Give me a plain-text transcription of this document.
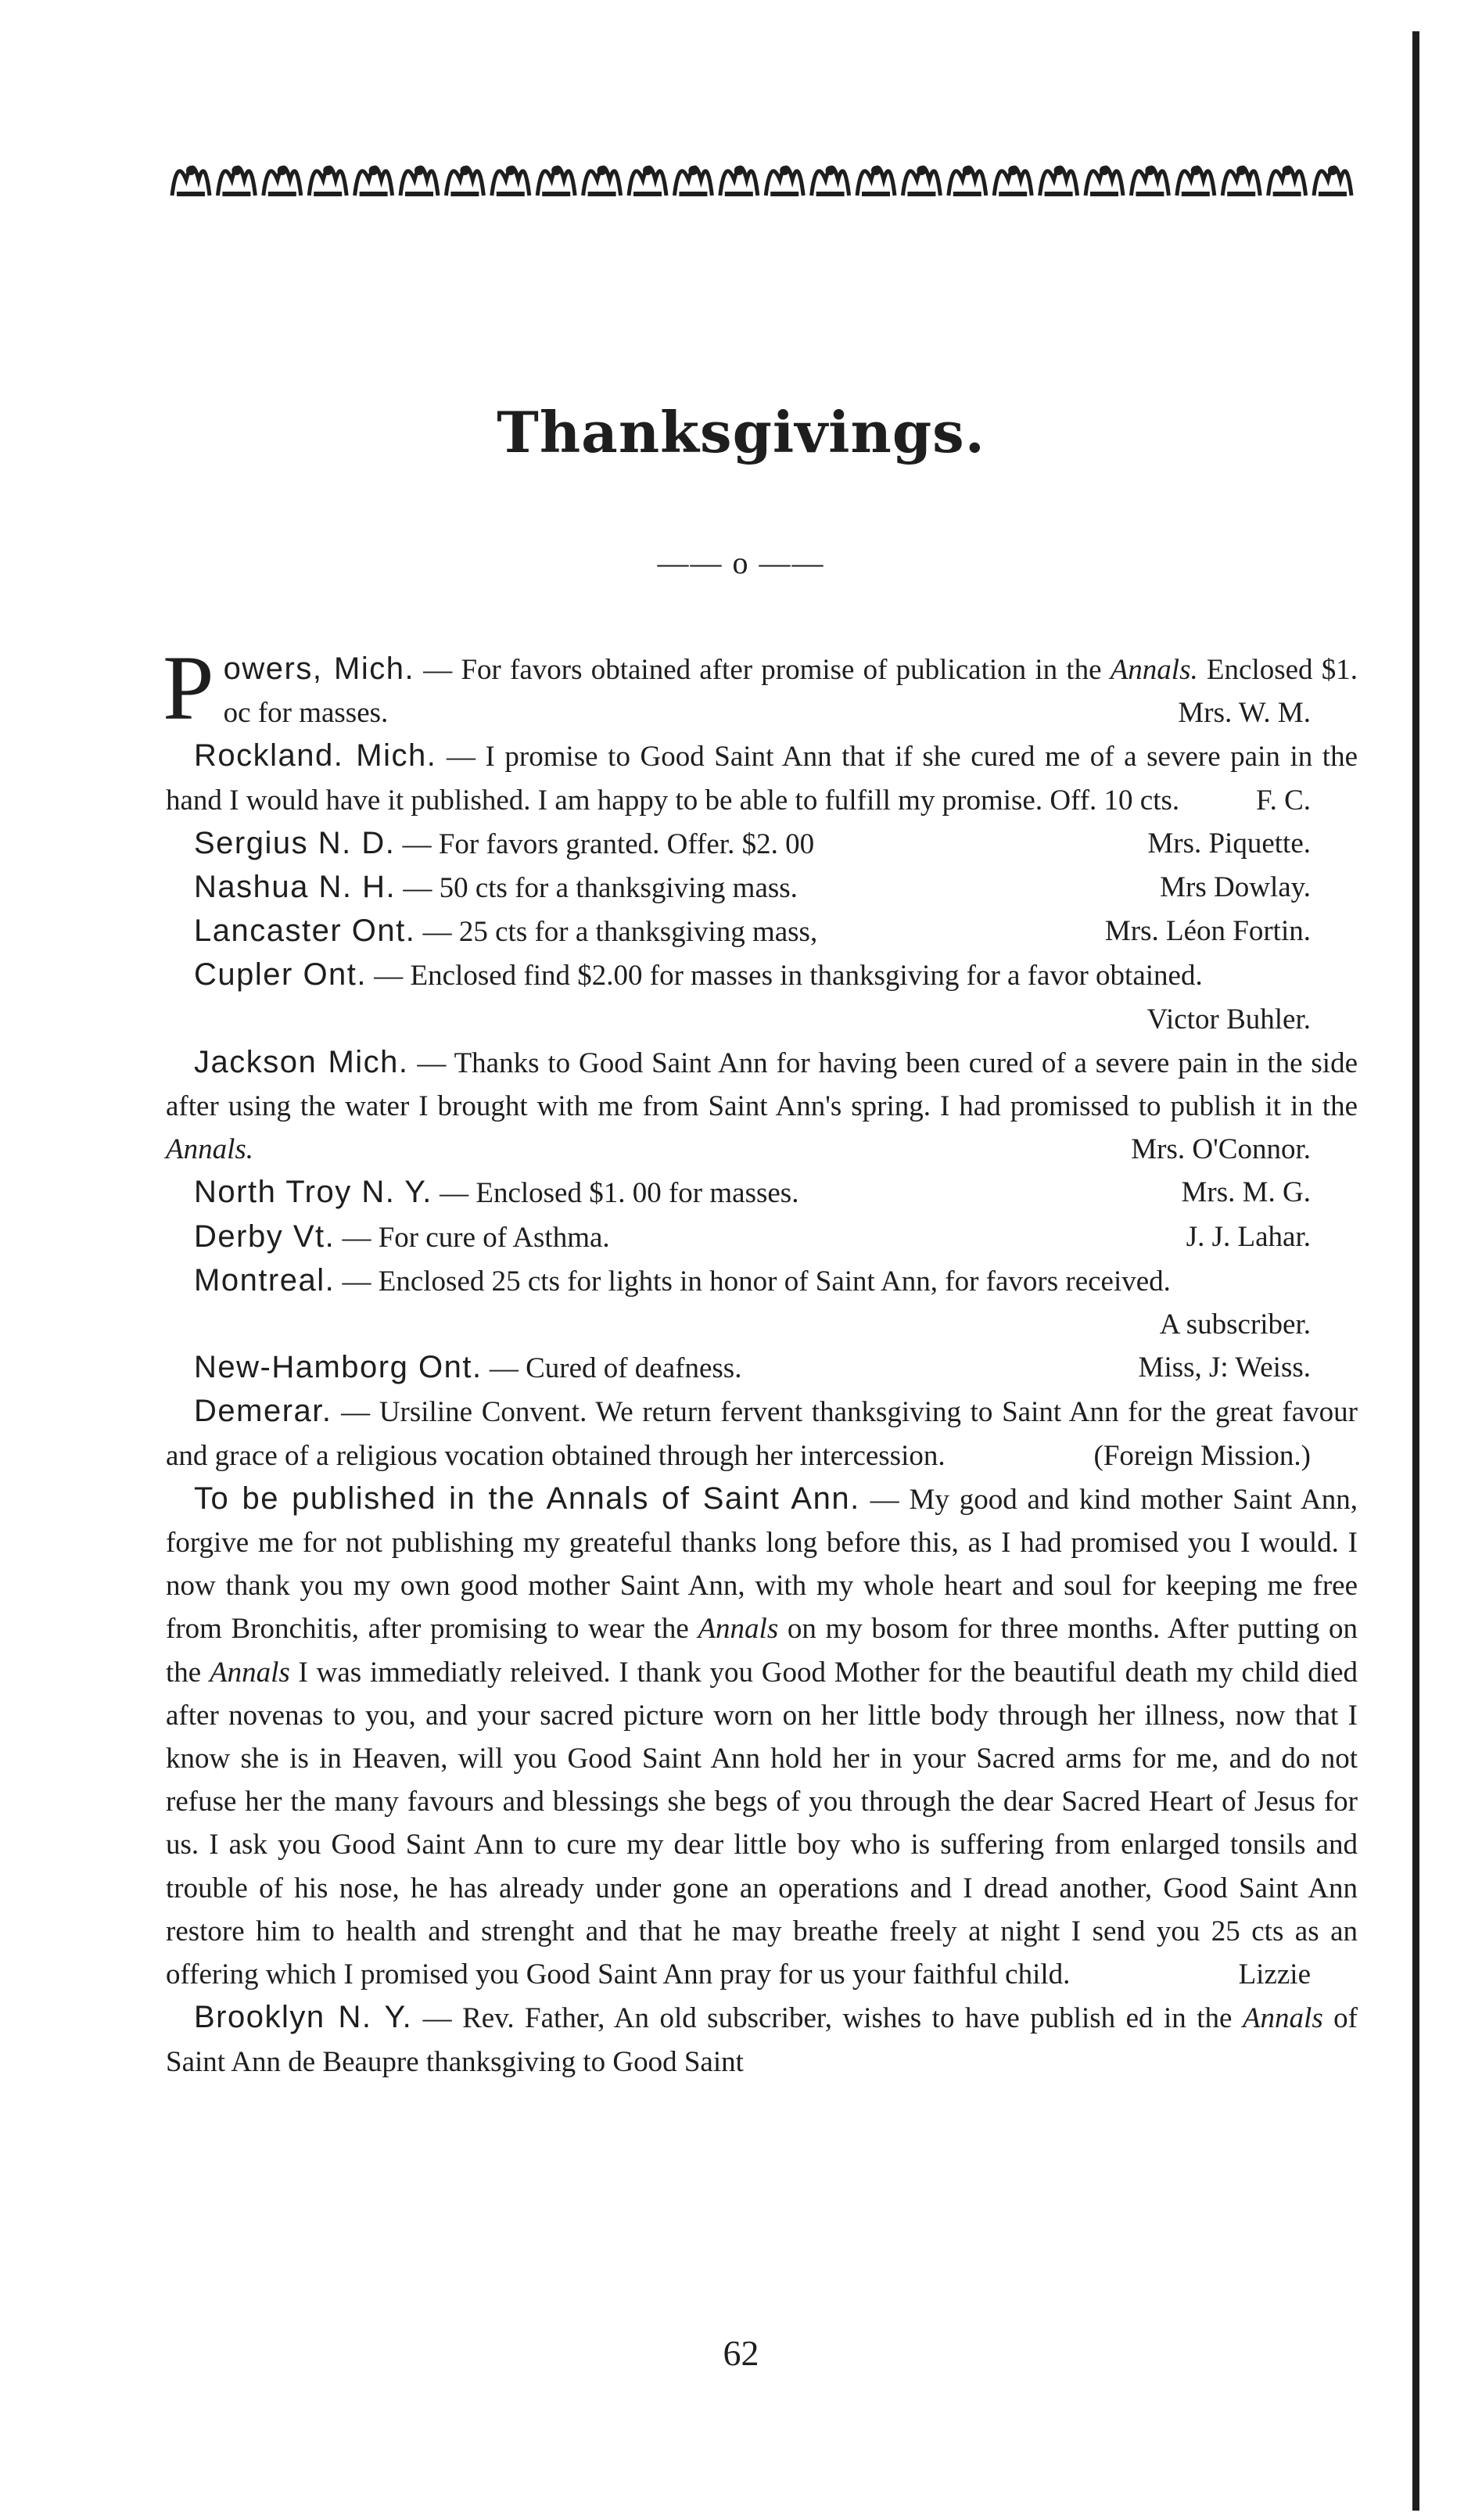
Thanksgivings.
—— o ——

Powers, Mich. — For favors obtained after promise of publication in the Annals. Enclosed $1. oc for masses.	Mrs. W. M.

Rockland. Mich. — I promise to Good Saint Ann that if she cured me of a severe pain in the hand I would have it published. I am happy to be able to fulfill my promise. Off. 10 cts.	F. C.

Sergius N. D. — For favors granted. Offer. $2. 00	Mrs. Piquette.

Nashua N. H. — 50 cts for a thanksgiving mass.	Mrs Dowlay.

Lancaster Ont. — 25 cts for a thanksgiving mass,	Mrs. Léon Fortin.

Cupler Ont. — Enclosed find $2.00 for masses in thanksgiving for a favor obtained.
Victor Buhler.

Jackson Mich. — Thanks to Good Saint Ann for having been cured of a severe pain in the side after using the water I brought with me from Saint Ann's spring. I had promissed to publish it in the Annals.	Mrs. O'Connor.

North Troy N. Y. — Enclosed $1. 00 for masses.	Mrs. M. G.

Derby Vt. — For cure of Asthma.	J. J. Lahar.

Montreal. — Enclosed 25 cts for lights in honor of Saint Ann, for favors received.
A subscriber.

New-Hamborg Ont. — Cured of deafness.	Miss, J: Weiss.

Demerar. — Ursiline Convent. We return fervent thanksgiving to Saint Ann for the great favour and grace of a religious vocation obtained through her intercession.	(Foreign Mission.)

To be published in the Annals of Saint Ann. — My good and kind mother Saint Ann, forgive me for not publishing my greateful thanks long before this, as I had promised you I would. I now thank you my own good mother Saint Ann, with my whole heart and soul for keeping me free from Bronchitis, after promising to wear the Annals on my bosom for three months. After putting on the Annals I was immediatly releived. I thank you Good Mother for the beautiful death my child died after novenas to you, and your sacred picture worn on her little body through her illness, now that I know she is in Heaven, will you Good Saint Ann hold her in your Sacred arms for me, and do not refuse her the many favours and blessings she begs of you through the dear Sacred Heart of Jesus for us. I ask you Good Saint Ann to cure my dear little boy who is suffering from enlarged tonsils and trouble of his nose, he has already under gone an operations and I dread another, Good Saint Ann restore him to health and strenght and that he may breathe freely at night I send you 25 cts as an offering which I promised you Good Saint Ann pray for us your faithful child.	Lizzie

Brooklyn N. Y. — Rev. Father, An old subscriber, wishes to have publish ed in the Annals of Saint Ann de Beaupre thanksgiving to Good Saint

62
